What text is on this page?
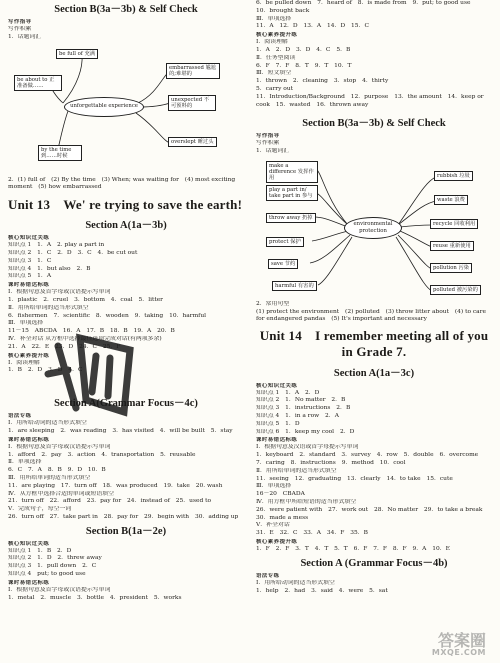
Section B(3a－3b) & Self Check
写作指导
写作积累
1．话题词汇
be full of 充满
be about to 正准备做……
by the time 到……时候
unforgettable experience
embarrassed 尴尬的;难堪的
unexpected 不可预料的
overslept 睡过头
2．(1) full of　(2) By the time　(3) When; was waiting for　(4) most exciting moment　(5) how embarrassed
Unit 13　We' re trying to save the earth!
Section A(1a－3b)
核心知识过关练
知识点 1　1．A　2. play a part in
知识点 2　1．C　2．D　3．C　4．be cut out
知识点 3　1．C
知识点 4　1．but also　2．B
知识点 5　1．A
课时易错达标练
Ⅰ．根据句意及首字母或汉语提示写单词
1．plastic　2．cruel　3．bottom　4．coal　5．litter
Ⅱ．用所给单词的适当形式填空
6．fishermen　7．scientific　8．wooden　9．taking　10．harmful
Ⅲ．单项选择
11－15　ABCDA　16．A　17．B　18．B　19．A　20．B
Ⅳ．补全对话 从方框中选择最佳选项完成对话(有两项多余)
21．A　22．E　23．D　24．C　25．F
核心素养提升练
Ⅰ．阅读理解
1．B　2．D　3．D　4．C
Section A(Grammar Focus－4c)
语法专练
Ⅰ．用所给动词的适当形式填空
1．are sleeping　2．was reading　3．has visited　4．will be built　5．stay
课时易错达标练
Ⅰ．根据句意及首字母或汉语提示写单词
1．afford　2．pay　3．action　4．transportation　5．reusable
Ⅱ．单项选择
6．C　7．A　8．B　9．D　10．B
Ⅲ．用所给单词的适当形式填空
11．are playing　17．turn off　18．was produced　19．take　20. wash
Ⅳ．从方框中选择合适的单词或短语填空
21．turn off　22．afford　23．pay for　24．instead of　25．used to
Ⅴ．完成句子，每空一词
26．turn off　27．take part in　28．pay for　29．begin with　30．adding up
Section B(1a－2e)
核心知识过关练
知识点 1　1．B　2．D
知识点 2　1．D　2．threw away
知识点 3　1．pull down　2．C
知识点 4　put; to good use
课时易错达标练
Ⅰ．根据句意及首字母或汉语提示写单词
1．metal　2．muscle　3．bottle　4．president　5．works
6．be pulled down　7．heard of　8．is made from　9．put; to good use
10．brought back
Ⅲ．单项选择
11．A　12．D　13．A　14．D　15．C
核心素养提升练
Ⅰ．阅读理解
1．A　2．D　3．D　4．C　5．B
Ⅱ．任务型阅读
6．F　7．F　8．T　9．T　10．T
Ⅲ．短文填空
1．thrown　2．cleaning　3．stop　4．thirty
5．carry out
11．Introduction/Background　12．purpose　13．the amount　14．keep or cook　15．wasted　16．thrown away
Section B(3a－3b) & Self Check
写作指导
写作积累
1．话题词汇
make a difference 发挥作用
play a part in/ take part in 参与
throw away 扔掉
protect 保护
save 节约
harmful 有害的
environmental protection
rubbish 垃圾
waste 浪费
recycle 回收利用
reuse 重新使用
pollution 污染
polluted 被污染的
2．常用句型
(1) protect the environment　(2) polluted　(3) throw litter about　(4) to care for endangered pandas　(5) It's important and necessary
Unit 14　I remember meeting all of you in Grade 7.
Section A(1a－3c)
核心知识过关练
知识点 1　1．A　2．D
知识点 2　1．No matter　2．B
知识点 3　1．instructions　2．B
知识点 4　1．in a row　2．A
知识点 5　1．D
知识点 6　1．keep my cool　2．D
课时易错达标练
Ⅰ．根据句意及汉语或首字母提示写单词
1．keyboard　2．standard　3．survey　4．row　5．double　6．overcome
7．caring　8．instructions　9．method　10．cool
Ⅱ．用所给单词的适当形式填空
11．seeing　12．graduating　13．clearly　14．to take　15．cute
Ⅲ．单项选择
16－20　CBADA
Ⅳ．用方框中所给短语的适当形式填空
26．were patient with　27．work out　28．No matter　29．to take a break
30．made a mess
Ⅴ．补全对话
31．E　32．C　33．A　34．F　35．B
核心素养提升练
1．F　2．F　3．T　4．T　5．T　6．F　7．F　8．F　9．A　10．E
Section A (Grammar Focus－4b)
语法专练
Ⅰ．用所给动词的适当形式填空
1．help　2．had　3．said　4．were　5．sat
答案圈
MXQE.COM
